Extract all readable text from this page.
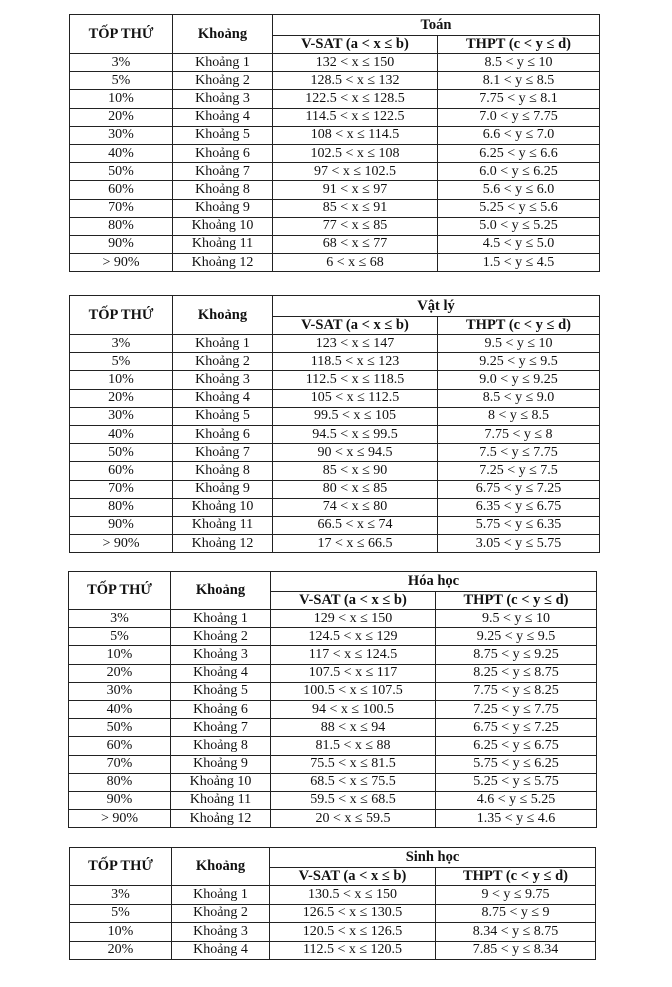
TỐP THỨ	Khoảng	Toán	
		V-SAT (a < x ≤ b)	THPT (c < y ≤ d)
3%	Khoảng 1	132 < x ≤ 150	8.5 < y ≤ 10
5%	Khoảng 2	128.5 < x ≤ 132	8.1 < y ≤ 8.5
10%	Khoảng 3	122.5 < x ≤ 128.5	7.75 < y ≤ 8.1
20%	Khoảng 4	114.5 < x ≤ 122.5	7.0 < y ≤ 7.75
30%	Khoảng 5	108 < x ≤ 114.5	6.6 < y ≤ 7.0
40%	Khoảng 6	102.5 < x ≤ 108	6.25 < y ≤ 6.6
50%	Khoảng 7	97 < x ≤ 102.5	6.0 < y ≤ 6.25
60%	Khoảng 8	91 < x ≤ 97	5.6 < y ≤ 6.0
70%	Khoảng 9	85 < x ≤ 91	5.25 < y ≤ 5.6
80%	Khoảng 10	77 < x ≤ 85	5.0 < y ≤ 5.25
90%	Khoảng 11	68 < x ≤ 77	4.5 < y ≤ 5.0
> 90%	Khoảng 12	6 < x ≤ 68	1.5 < y ≤ 4.5
TỐP THỨ	Khoảng	Vật lý	
		V-SAT (a < x ≤ b)	THPT (c < y ≤ d)
3%	Khoảng 1	123 < x ≤ 147	9.5 < y ≤ 10
5%	Khoảng 2	118.5 < x ≤ 123	9.25 < y ≤ 9.5
10%	Khoảng 3	112.5 < x ≤ 118.5	9.0 < y ≤ 9.25
20%	Khoảng 4	105 < x ≤ 112.5	8.5 < y ≤ 9.0
30%	Khoảng 5	99.5 < x ≤ 105	8 < y ≤ 8.5
40%	Khoảng 6	94.5 < x ≤ 99.5	7.75 < y ≤ 8
50%	Khoảng 7	90 < x ≤ 94.5	7.5 < y ≤ 7.75
60%	Khoảng 8	85 < x ≤ 90	7.25 < y ≤ 7.5
70%	Khoảng 9	80 < x ≤ 85	6.75 < y ≤ 7.25
80%	Khoảng 10	74 < x ≤ 80	6.35 < y ≤ 6.75
90%	Khoảng 11	66.5 < x ≤ 74	5.75 < y ≤ 6.35
> 90%	Khoảng 12	17 < x ≤ 66.5	3.05 < y ≤ 5.75
TỐP THỨ	Khoảng	Hóa học	
		V-SAT (a < x ≤ b)	THPT (c < y ≤ d)
3%	Khoảng 1	129 < x ≤ 150	9.5 < y ≤ 10
5%	Khoảng 2	124.5 < x ≤ 129	9.25 < y ≤ 9.5
10%	Khoảng 3	117 < x ≤ 124.5	8.75 < y ≤ 9.25
20%	Khoảng 4	107.5 < x ≤ 117	8.25 < y ≤ 8.75
30%	Khoảng 5	100.5 < x ≤ 107.5	7.75 < y ≤ 8.25
40%	Khoảng 6	94 < x ≤ 100.5	7.25 < y ≤ 7.75
50%	Khoảng 7	88 < x ≤ 94	6.75 < y ≤ 7.25
60%	Khoảng 8	81.5 < x ≤ 88	6.25 < y ≤ 6.75
70%	Khoảng 9	75.5 < x ≤ 81.5	5.75 < y ≤ 6.25
80%	Khoảng 10	68.5 < x ≤ 75.5	5.25 < y ≤ 5.75
90%	Khoảng 11	59.5 < x ≤ 68.5	4.6 < y ≤ 5.25
> 90%	Khoảng 12	20 < x ≤ 59.5	1.35 < y ≤ 4.6
TỐP THỨ	Khoảng	Sinh học	
		V-SAT (a < x ≤ b)	THPT (c < y ≤ d)
3%	Khoảng 1	130.5 < x ≤ 150	9 < y ≤ 9.75
5%	Khoảng 2	126.5 < x ≤ 130.5	8.75 < y ≤ 9
10%	Khoảng 3	120.5 < x ≤ 126.5	8.34 < y ≤ 8.75
20%	Khoảng 4	112.5 < x ≤ 120.5	7.85 < y ≤ 8.34
